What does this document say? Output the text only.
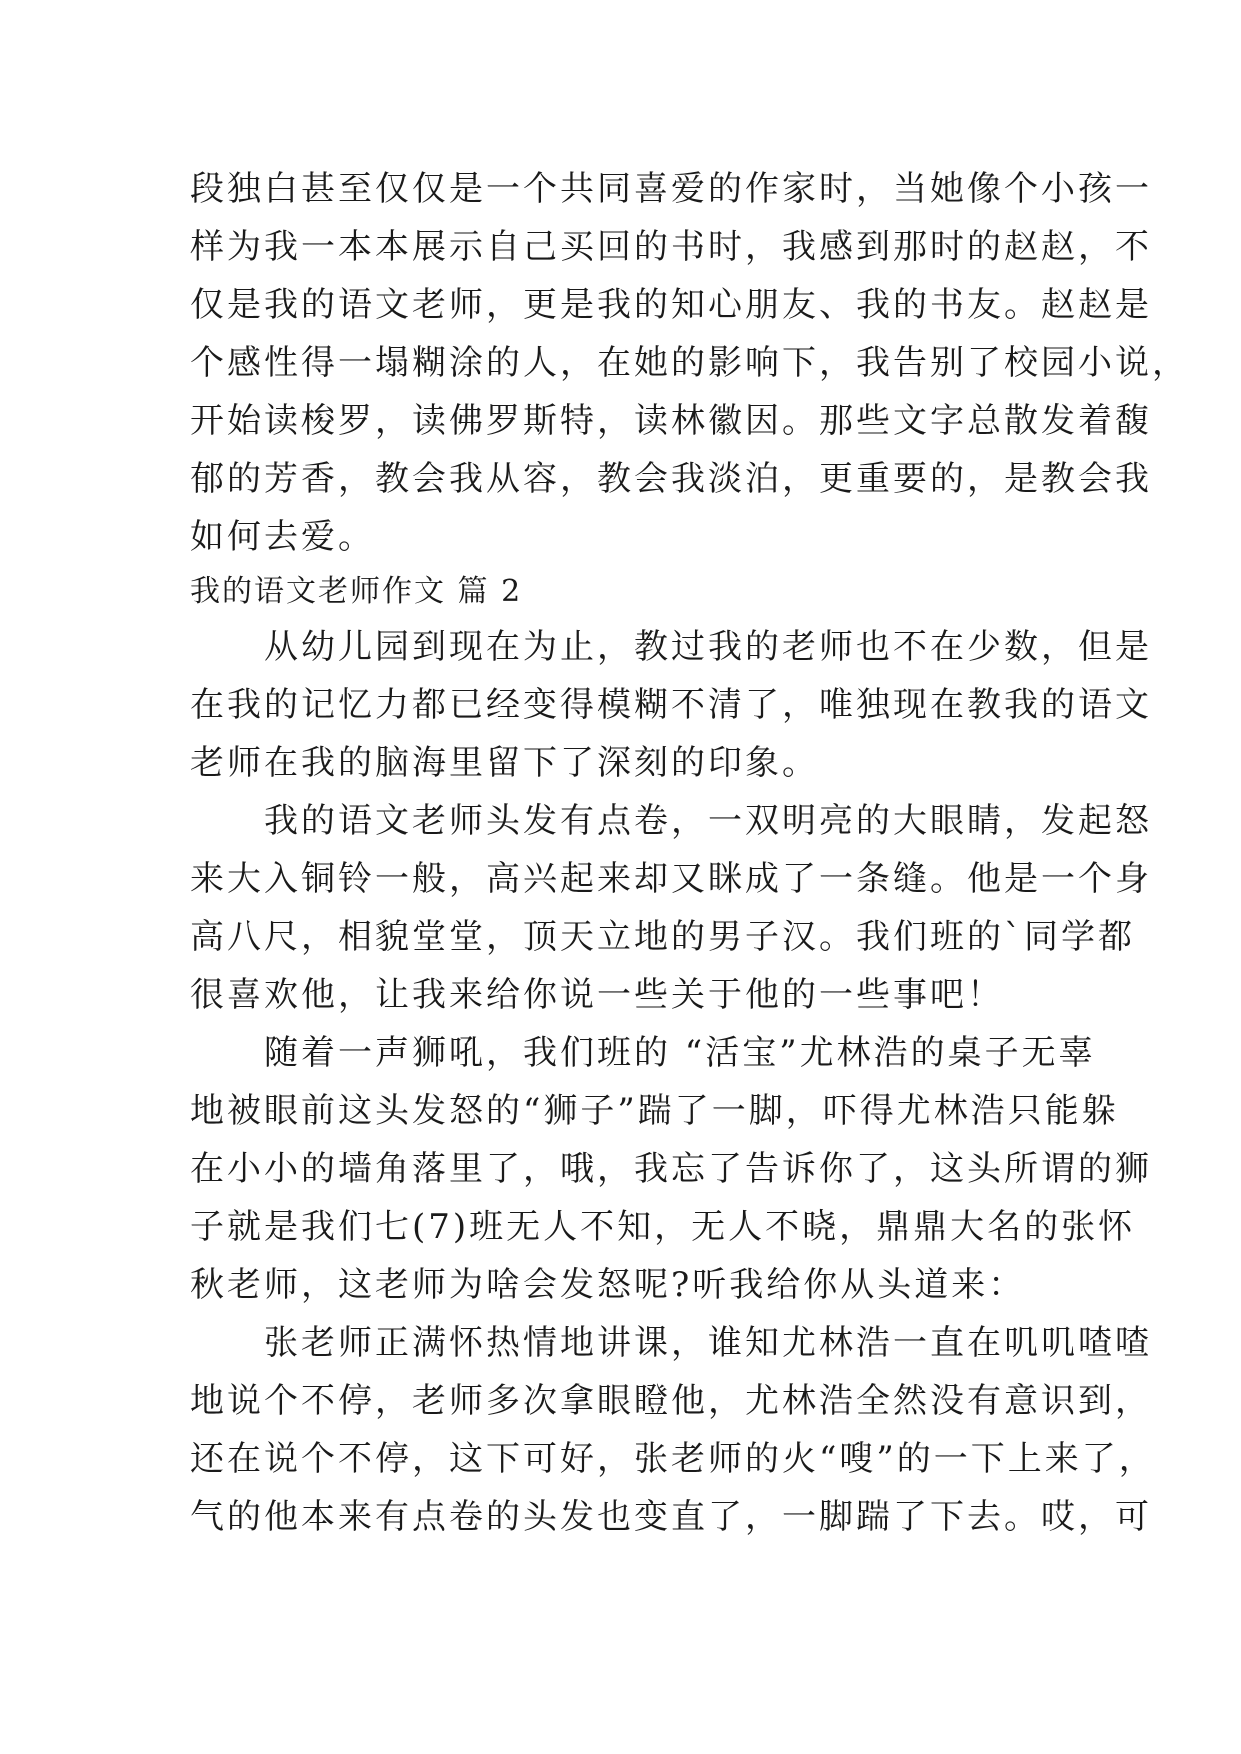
段独白甚至仅仅是一个共同喜爱的作家时，当她像个小孩一
样为我一本本展示自己买回的书时，我感到那时的赵赵，不
仅是我的语文老师，更是我的知心朋友、我的书友。赵赵是
个感性得一塌糊涂的人，在她的影响下，我告别了校园小说，
开始读梭罗，读佛罗斯特，读林徽因。那些文字总散发着馥
郁的芳香，教会我从容，教会我淡泊，更重要的，是教会我
如何去爱。
我的语文老师作文 篇 2
　　从幼儿园到现在为止，教过我的老师也不在少数，但是
在我的记忆力都已经变得模糊不清了，唯独现在教我的语文
老师在我的脑海里留下了深刻的印象。
　　我的语文老师头发有点卷，一双明亮的大眼睛，发起怒
来大入铜铃一般，高兴起来却又眯成了一条缝。他是一个身
高八尺，相貌堂堂，顶天立地的男子汉。我们班的`同学都
很喜欢他，让我来给你说一些关于他的一些事吧！
　　随着一声狮吼，我们班的 “活宝”尤林浩的桌子无辜
地被眼前这头发怒的“狮子”踹了一脚，吓得尤林浩只能躲
在小小的墙角落里了，哦，我忘了告诉你了，这头所谓的狮
子就是我们七(7)班无人不知，无人不晓，鼎鼎大名的张怀
秋老师，这老师为啥会发怒呢?听我给你从头道来：
　　张老师正满怀热情地讲课，谁知尤林浩一直在叽叽喳喳
地说个不停，老师多次拿眼瞪他，尤林浩全然没有意识到，
还在说个不停，这下可好，张老师的火“嗖”的一下上来了，
气的他本来有点卷的头发也变直了，一脚踹了下去。哎，可
